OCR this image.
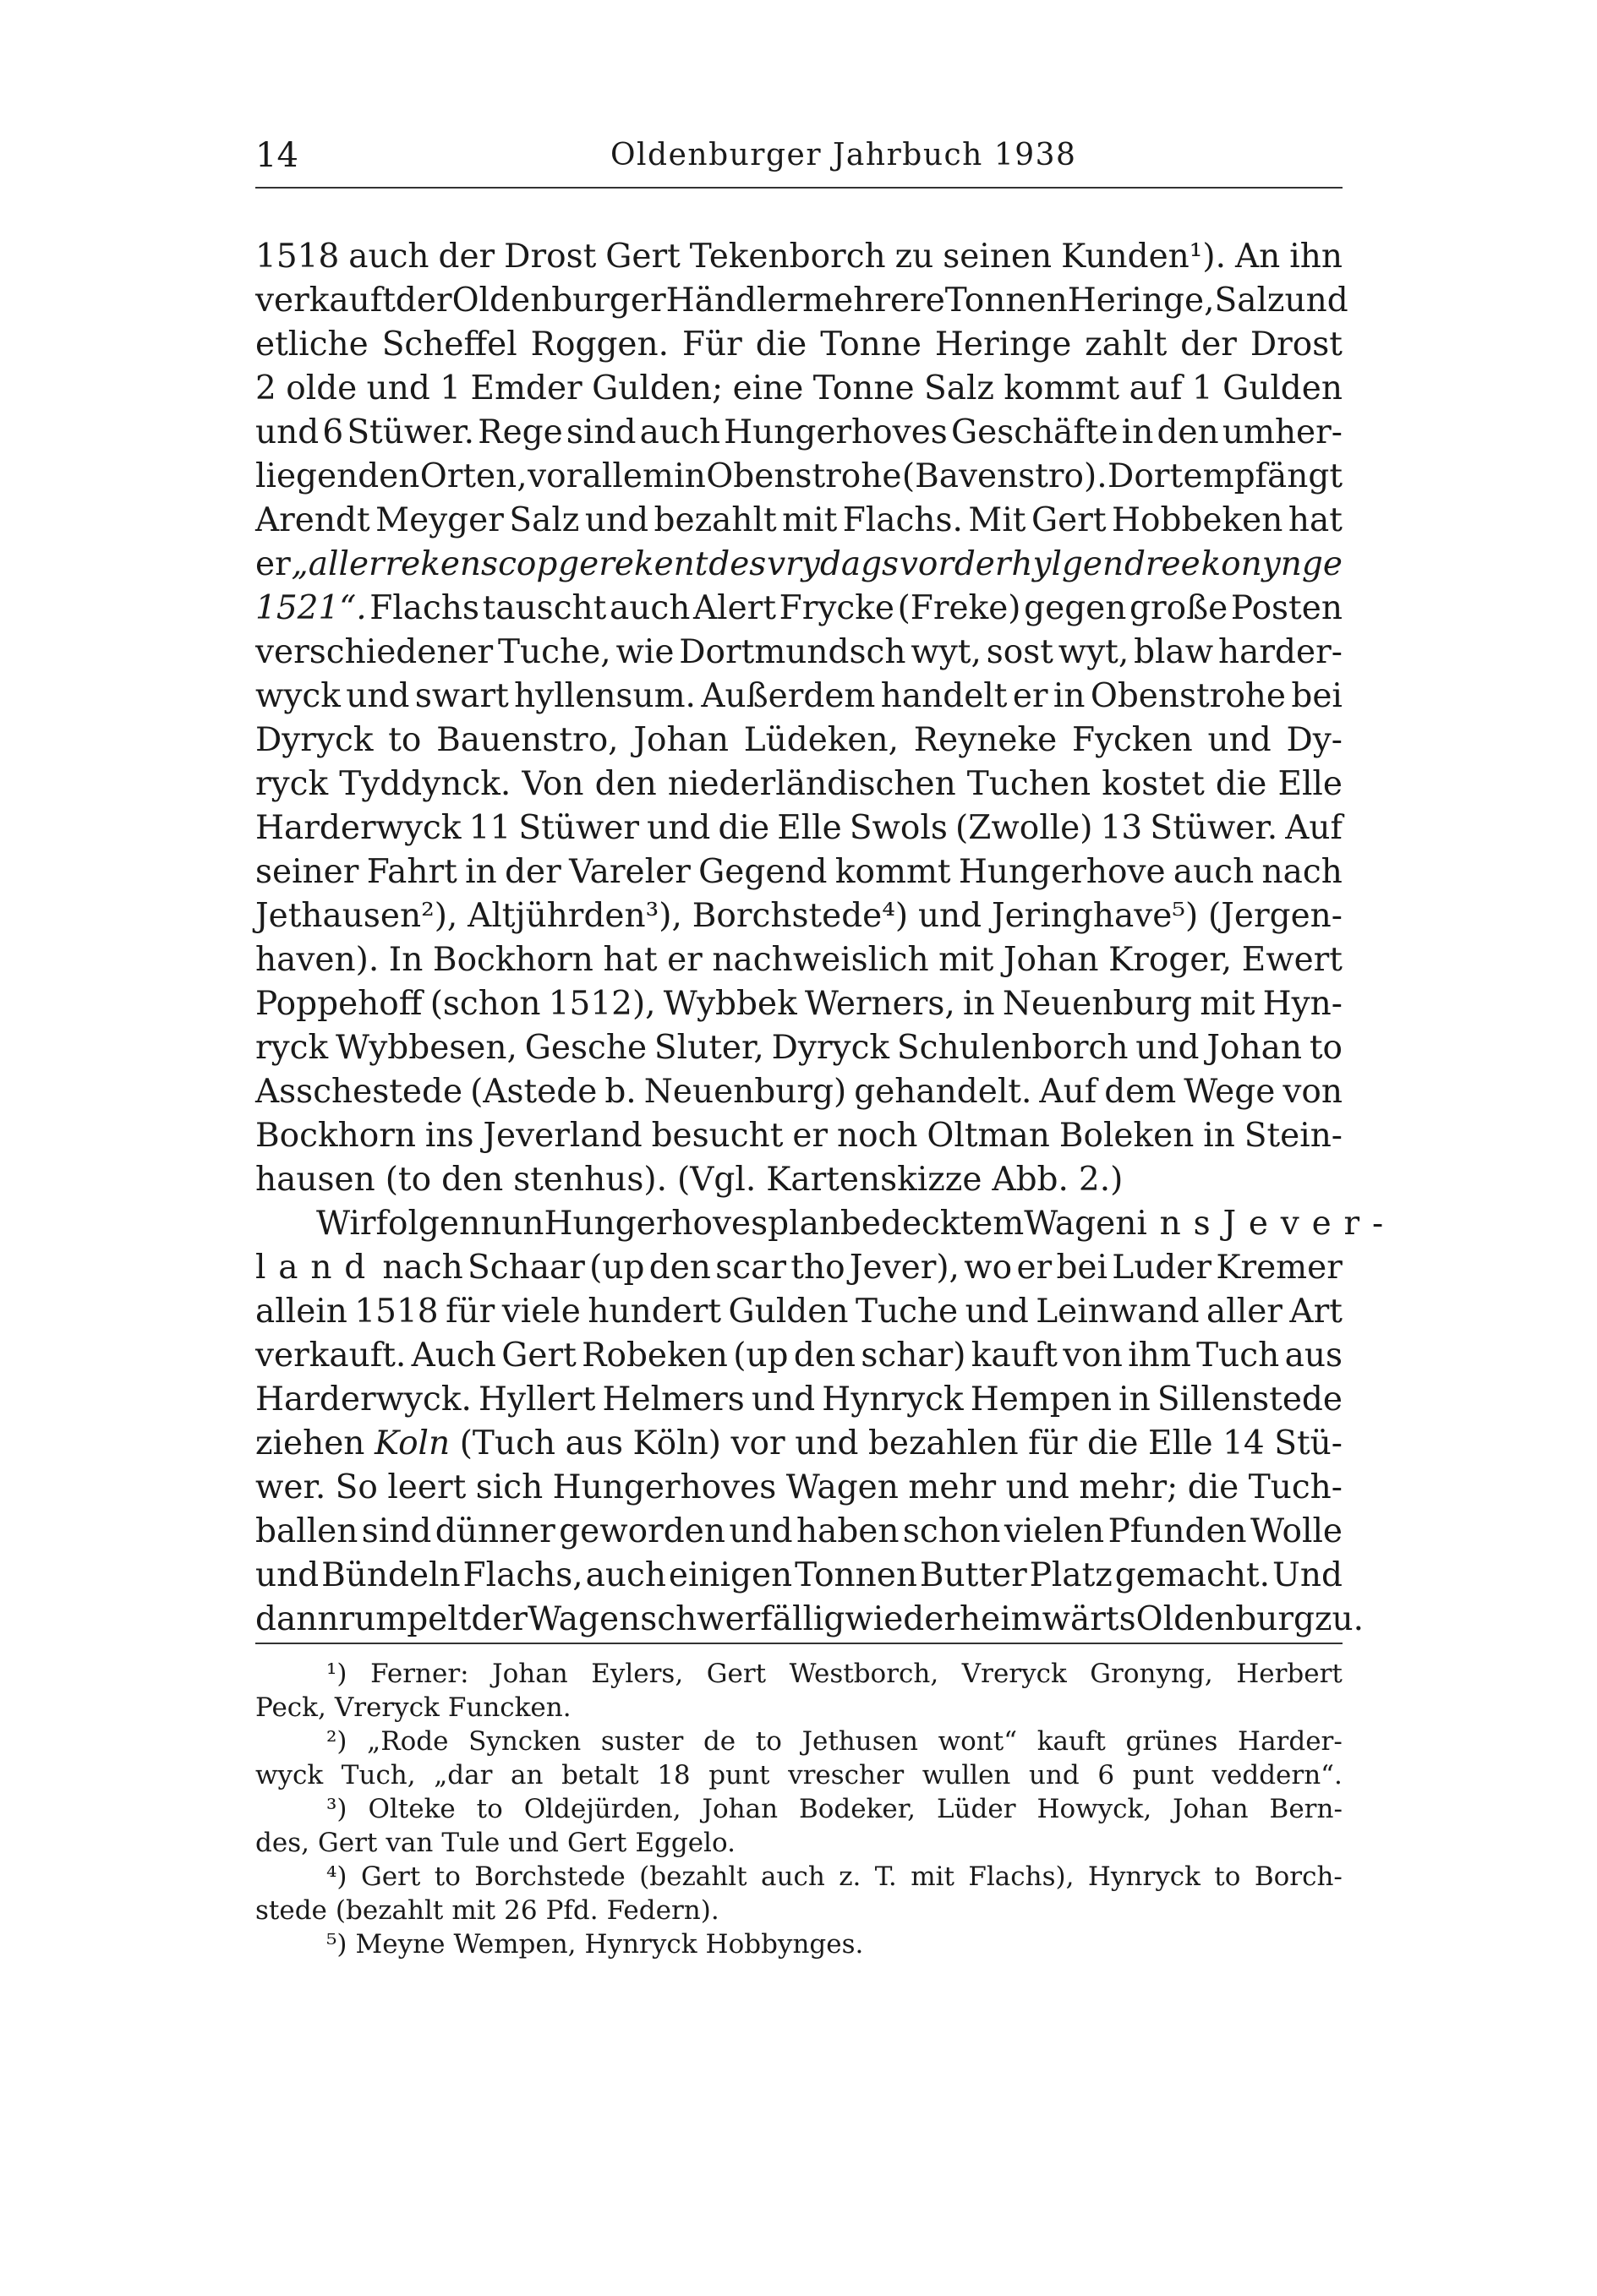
14	Oldenburger Jahrbuch 1938
1518 auch der Drost Gert Tekenborch zu seinen Kunden¹). An ihn
verkauft der Oldenburger Händler mehrere Tonnen Heringe, Salz und
etliche Scheffel Roggen. Für die Tonne Heringe zahlt der Drost
2 olde und 1 Emder Gulden; eine Tonne Salz kommt auf 1 Gulden
und 6 Stüwer. Rege sind auch Hungerhoves Geschäfte in den umher-
liegenden Orten, vor allem in Obenstrohe (Bavenstro). Dort empfängt
Arendt Meyger Salz und bezahlt mit Flachs. Mit Gert Hobbeken hat
er „aller rekenscop gerekent des vrydags vor der hylgen dree konynge
1521“. Flachs tauscht auch Alert Frycke (Freke) gegen große Posten
verschiedener Tuche, wie Dortmundsch wyt, sost wyt, blaw harder-
wyck und swart hyllensum. Außerdem handelt er in Obenstrohe bei
Dyryck to Bauenstro, Johan Lüdeken, Reyneke Fycken und Dy-
ryck Tyddynck. Von den niederländischen Tuchen kostet die Elle
Harderwyck 11 Stüwer und die Elle Swols (Zwolle) 13 Stüwer. Auf
seiner Fahrt in der Vareler Gegend kommt Hungerhove auch nach
Jethausen²), Altjührden³), Borchstede⁴) und Jeringhave⁵) (Jergen-
haven). In Bockhorn hat er nachweislich mit Johan Kroger, Ewert
Poppehoff (schon 1512), Wybbek Werners, in Neuenburg mit Hyn-
ryck Wybbesen, Gesche Sluter, Dyryck Schulenborch und Johan to
Asschestede (Astede b. Neuenburg) gehandelt. Auf dem Wege von
Bockhorn ins Jeverland besucht er noch Oltman Boleken in Stein-
hausen (to den stenhus). (Vgl. Kartenskizze Abb. 2.)
Wir folgen nun Hungerhoves planbedecktem Wagen ins Jever-
land nach Schaar (up den scar tho Jever), wo er bei Luder Kremer
allein 1518 für viele hundert Gulden Tuche und Leinwand aller Art
verkauft. Auch Gert Robeken (up den schar) kauft von ihm Tuch aus
Harderwyck. Hyllert Helmers und Hynryck Hempen in Sillenstede
ziehen Koln (Tuch aus Köln) vor und bezahlen für die Elle 14 Stü-
wer. So leert sich Hungerhoves Wagen mehr und mehr; die Tuch-
ballen sind dünner geworden und haben schon vielen Pfunden Wolle
und Bündeln Flachs, auch einigen Tonnen Butter Platz gemacht. Und
dann rumpelt der Wagen schwerfällig wieder heimwärts Oldenburg zu.
¹) Ferner: Johan Eylers, Gert Westborch, Vreryck Gronyng, Herbert
Peck, Vreryck Funcken.
²) „Rode Syncken suster de to Jethusen wont“ kauft grünes Harder-
wyck Tuch, „dar an betalt 18 punt vrescher wullen und 6 punt veddern“.
³) Olteke to Oldejürden, Johan Bodeker, Lüder Howyck, Johan Bern-
des, Gert van Tule und Gert Eggelo.
⁴) Gert to Borchstede (bezahlt auch z. T. mit Flachs), Hynryck to Borch-
stede (bezahlt mit 26 Pfd. Federn).
⁵) Meyne Wempen, Hynryck Hobbynges.
